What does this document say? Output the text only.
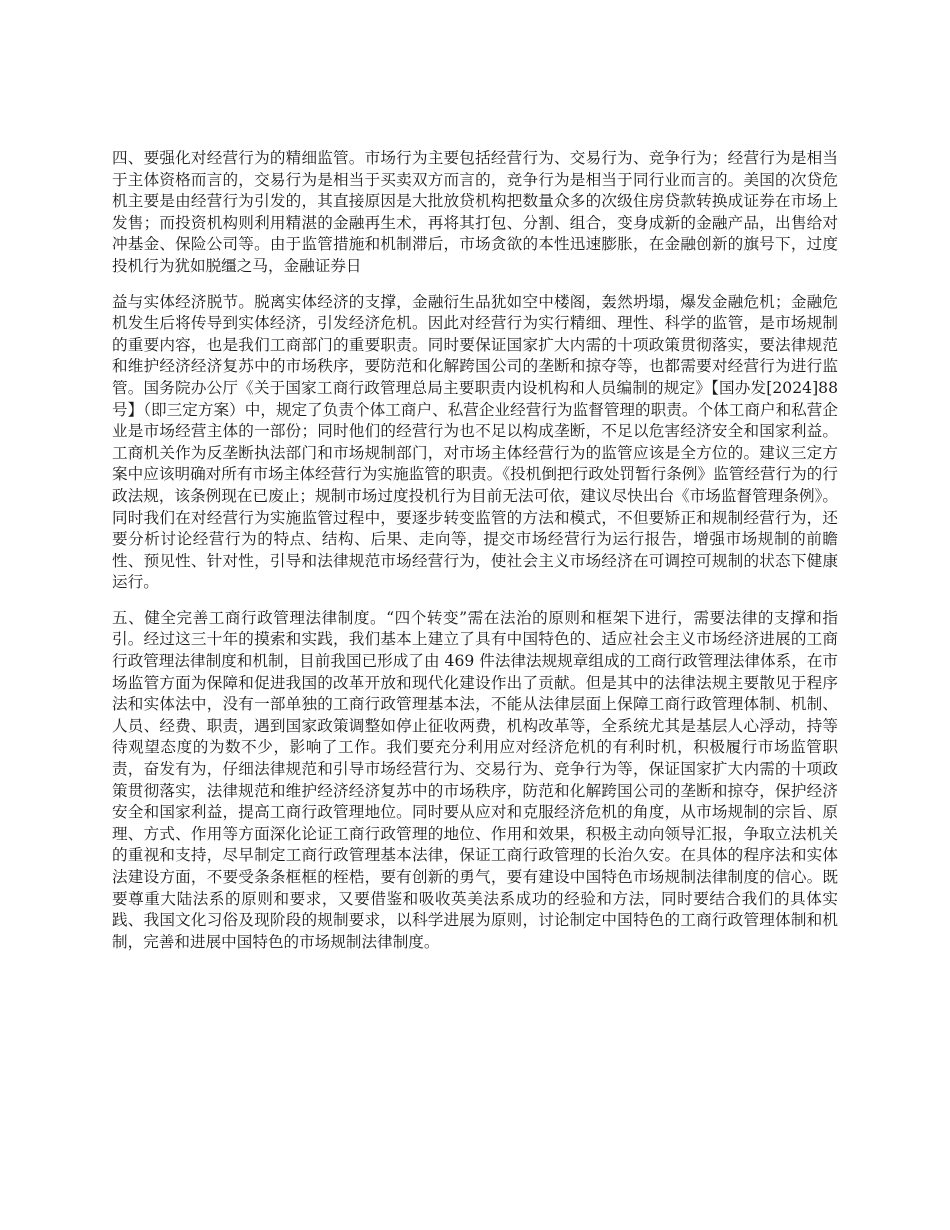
四、要强化对经营行为的精细监管。市场行为主要包括经营行为、交易行为、竞争行为；经营行为是相当于主体资格而言的，交易行为是相当于买卖双方而言的，竞争行为是相当于同行业而言的。美国的次贷危机主要是由经营行为引发的，其直接原因是大批放贷机构把数量众多的次级住房贷款转换成证券在市场上发售；而投资机构则利用精湛的金融再生术，再将其打包、分割、组合，变身成新的金融产品，出售给对冲基金、保险公司等。由于监管措施和机制滞后，市场贪欲的本性迅速膨胀，在金融创新的旗号下，过度投机行为犹如脱缰之马，金融证券日

益与实体经济脱节。脱离实体经济的支撑，金融衍生品犹如空中楼阁，轰然坍塌，爆发金融危机；金融危机发生后将传导到实体经济，引发经济危机。因此对经营行为实行精细、理性、科学的监管，是市场规制的重要内容，也是我们工商部门的重要职责。同时要保证国家扩大内需的十项政策贯彻落实，要法律规范和维护经济经济复苏中的市场秩序，要防范和化解跨国公司的垄断和掠夺等，也都需要对经营行为进行监管。国务院办公厅《关于国家工商行政管理总局主要职责内设机构和人员编制的规定》【国办发[2024]88 号】（即三定方案）中，规定了负责个体工商户、私营企业经营行为监督管理的职责。个体工商户和私营企业是市场经营主体的一部份；同时他们的经营行为也不足以构成垄断，不足以危害经济安全和国家利益。工商机关作为反垄断执法部门和市场规制部门，对市场主体经营行为的监管应该是全方位的。建议三定方案中应该明确对所有市场主体经营行为实施监管的职责。《投机倒把行政处罚暂行条例》监管经营行为的行政法规，该条例现在已废止；规制市场过度投机行为目前无法可依，建议尽快出台《市场监督管理条例》。同时我们在对经营行为实施监管过程中，要逐步转变监管的方法和模式，不但要矫正和规制经营行为，还要分析讨论经营行为的特点、结构、后果、走向等，提交市场经营行为运行报告，增强市场规制的前瞻性、预见性、针对性，引导和法律规范市场经营行为，使社会主义市场经济在可调控可规制的状态下健康运行。

五、健全完善工商行政管理法律制度。“四个转变”需在法治的原则和框架下进行，需要法律的支撑和指引。经过这三十年的摸索和实践，我们基本上建立了具有中国特色的、适应社会主义市场经济进展的工商行政管理法律制度和机制，目前我国已形成了由 469 件法律法规规章组成的工商行政管理法律体系，在市场监管方面为保障和促进我国的改革开放和现代化建设作出了贡献。但是其中的法律法规主要散见于程序法和实体法中，没有一部单独的工商行政管理基本法，不能从法律层面上保障工商行政管理体制、机制、人员、经费、职责，遇到国家政策调整如停止征收两费，机构改革等，全系统尤其是基层人心浮动，持等待观望态度的为数不少，影响了工作。我们要充分利用应对经济危机的有利时机，积极履行市场监管职责，奋发有为，仔细法律规范和引导市场经营行为、交易行为、竞争行为等，保证国家扩大内需的十项政策贯彻落实，法律规范和维护经济经济复苏中的市场秩序，防范和化解跨国公司的垄断和掠夺，保护经济安全和国家利益，提高工商行政管理地位。同时要从应对和克服经济危机的角度，从市场规制的宗旨、原理、方式、作用等方面深化论证工商行政管理的地位、作用和效果，积极主动向领导汇报，争取立法机关的重视和支持，尽早制定工商行政管理基本法律，保证工商行政管理的长治久安。在具体的程序法和实体法建设方面，不要受条条框框的桎梏，要有创新的勇气，要有建设中国特色市场规制法律制度的信心。既要尊重大陆法系的原则和要求，又要借鉴和吸收英美法系成功的经验和方法，同时要结合我们的具体实践、我国文化习俗及现阶段的规制要求，以科学进展为原则，讨论制定中国特色的工商行政管理体制和机制，完善和进展中国特色的市场规制法律制度。
